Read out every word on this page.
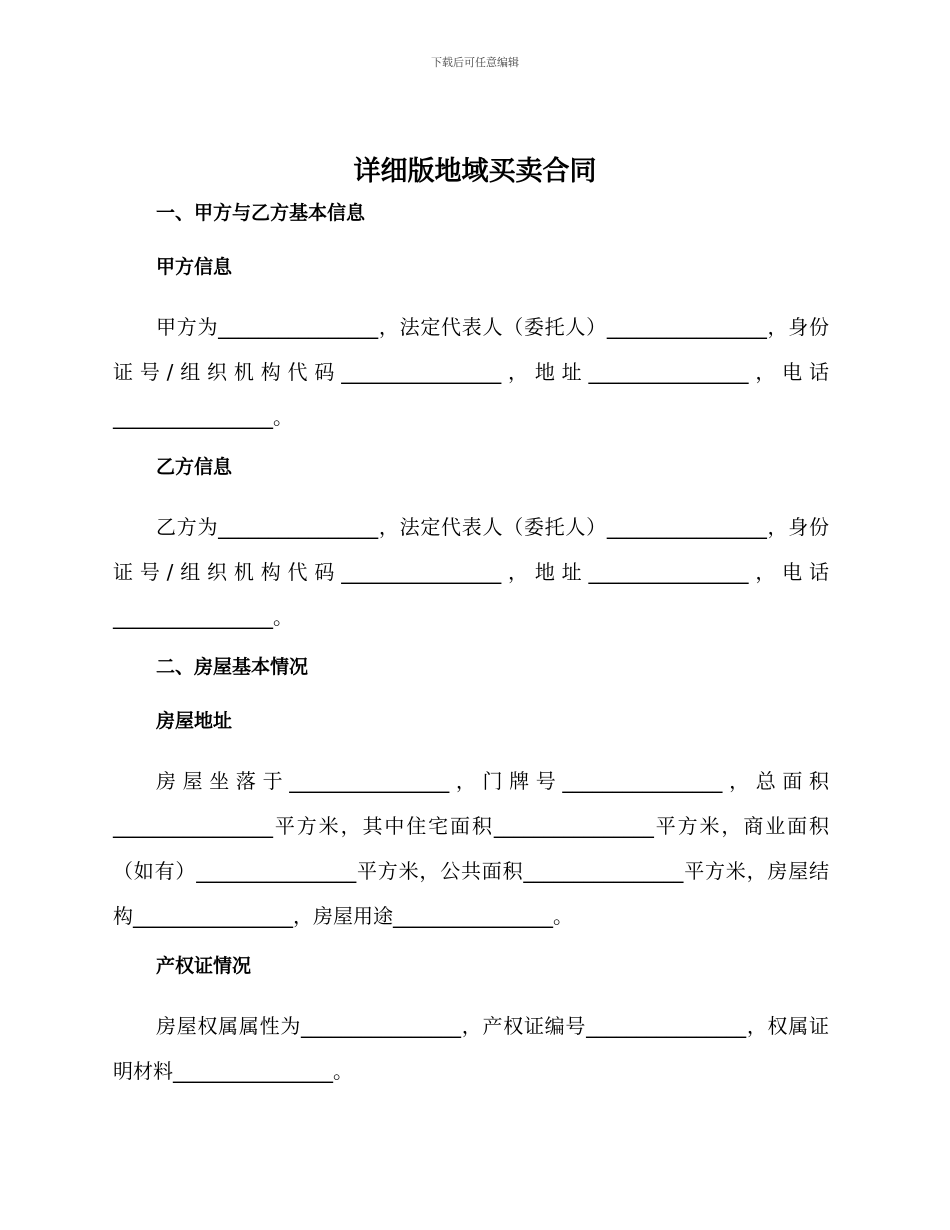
下载后可任意编辑
详细版地域买卖合同
一、甲方与乙方基本信息
甲方信息

甲方为________________，法定代表人（委托人）________________，身份证号/组织机构代码________________，地址________________，电话________________。

乙方信息

乙方为________________，法定代表人（委托人）________________，身份证号/组织机构代码________________，地址________________，电话________________。

二、房屋基本情况
房屋地址

房屋坐落于________________，门牌号________________，总面积________________平方米，其中住宅面积________________平方米，商业面积（如有）________________平方米，公共面积________________平方米，房屋结构________________，房屋用途________________。

产权证情况

房屋权属属性为________________，产权证编号________________，权属证明材料________________。
